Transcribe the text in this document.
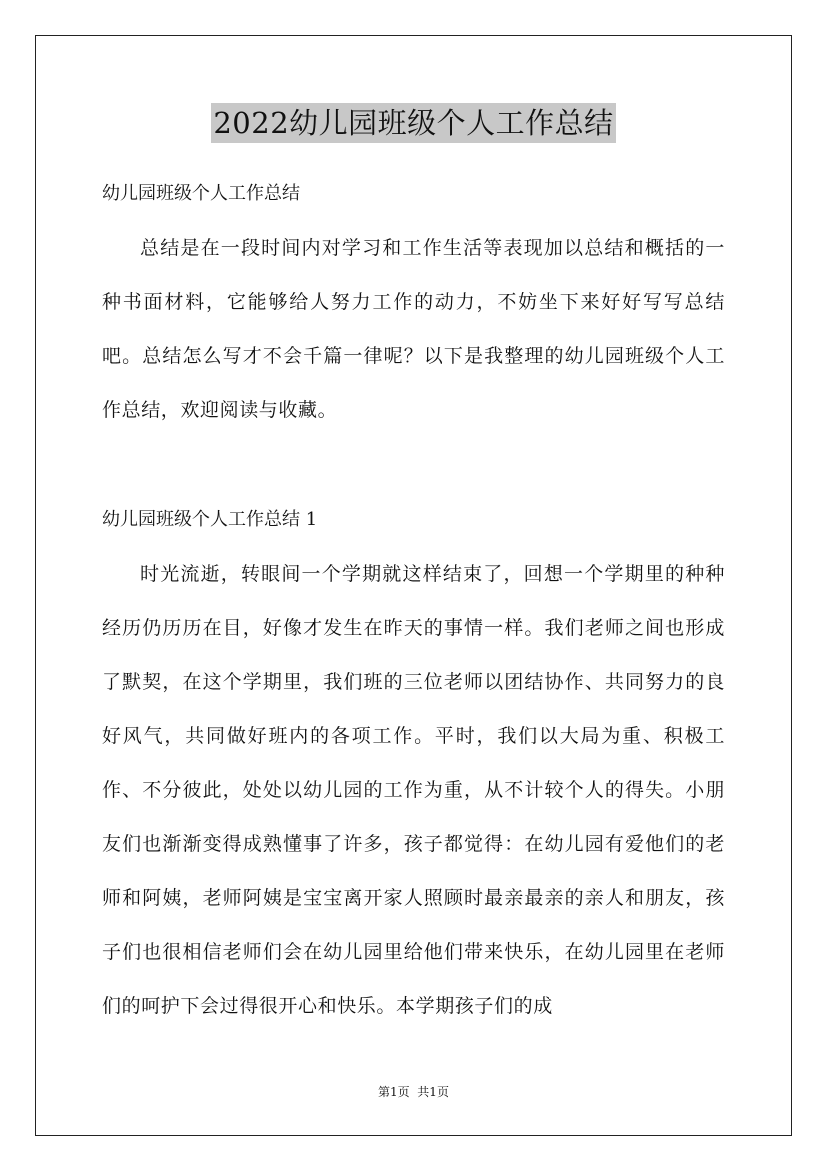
2022幼儿园班级个人工作总结
幼儿园班级个人工作总结

总结是在一段时间内对学习和工作生活等表现加以总结和概括的一种书面材料，它能够给人努力工作的动力，不妨坐下来好好写写总结吧。总结怎么写才不会千篇一律呢？以下是我整理的幼儿园班级个人工作总结，欢迎阅读与收藏。

幼儿园班级个人工作总结 1

时光流逝，转眼间一个学期就这样结束了，回想一个学期里的种种经历仍历历在目，好像才发生在昨天的事情一样。我们老师之间也形成了默契，在这个学期里，我们班的三位老师以团结协作、共同努力的良好风气，共同做好班内的各项工作。平时，我们以大局为重、积极工作、不分彼此，处处以幼儿园的工作为重，从不计较个人的得失。小朋友们也渐渐变得成熟懂事了许多，孩子都觉得：在幼儿园有爱他们的老师和阿姨，老师阿姨是宝宝离开家人照顾时最亲最亲的亲人和朋友，孩子们也很相信老师们会在幼儿园里给他们带来快乐，在幼儿园里在老师们的呵护下会过得很开心和快乐。本学期孩子们的成

第1页  共1页
